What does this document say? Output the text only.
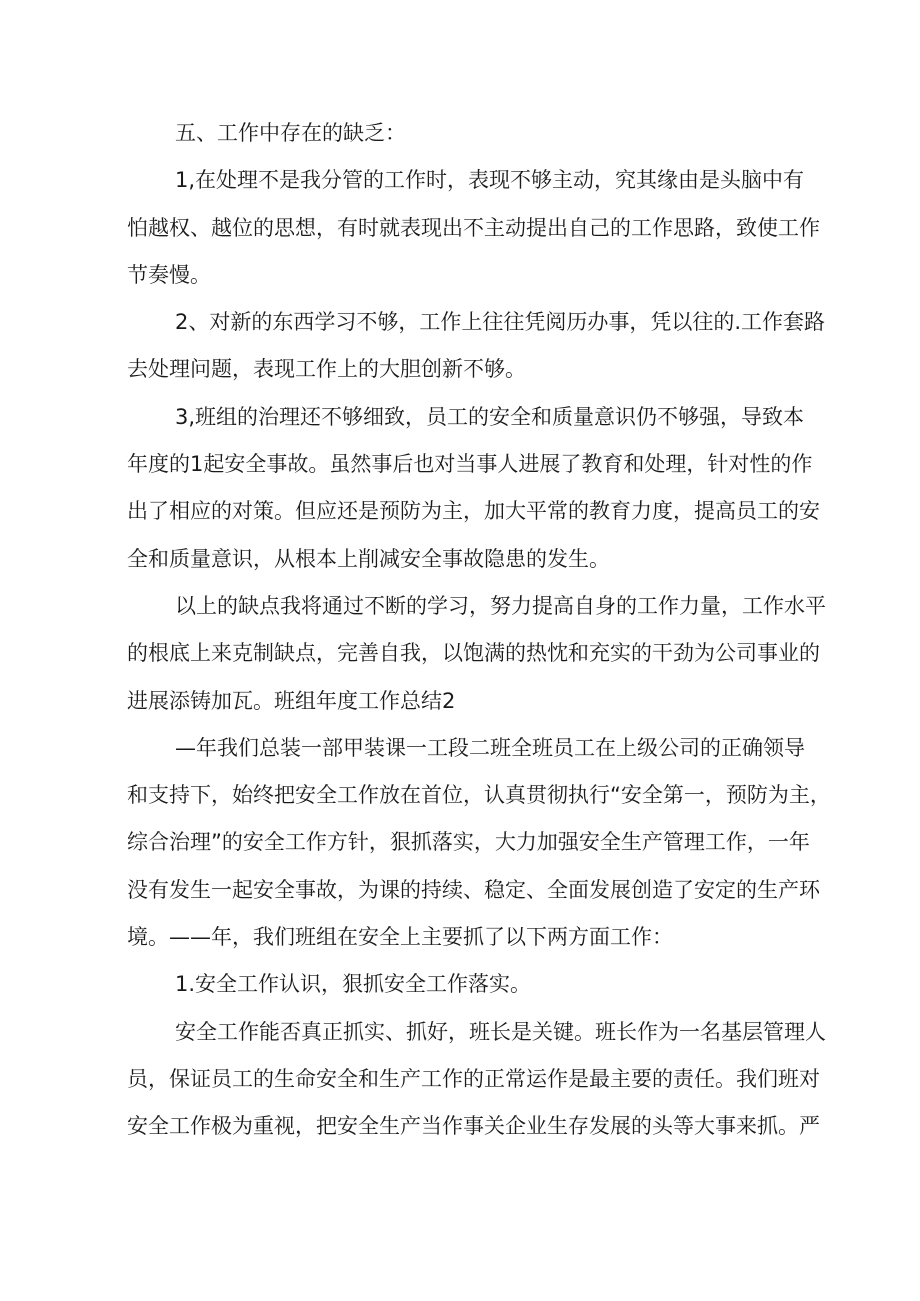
五、工作中存在的缺乏：
1,在处理不是我分管的工作时，表现不够主动，究其缘由是头脑中有
怕越权、越位的思想，有时就表现出不主动提出自己的工作思路，致使工作
节奏慢。
2、对新的东西学习不够，工作上往往凭阅历办事，凭以往的.工作套路
去处理问题，表现工作上的大胆创新不够。
3,班组的治理还不够细致，员工的安全和质量意识仍不够强，导致本
年度的1起安全事故。虽然事后也对当事人进展了教育和处理，针对性的作
出了相应的对策。但应还是预防为主，加大平常的教育力度，提高员工的安
全和质量意识，从根本上削减安全事故隐患的发生。
以上的缺点我将通过不断的学习，努力提高自身的工作力量，工作水平
的根底上来克制缺点，完善自我，以饱满的热忱和充实的干劲为公司事业的
进展添铸加瓦。班组年度工作总结2
—年我们总装一部甲装课一工段二班全班员工在上级公司的正确领导
和支持下，始终把安全工作放在首位，认真贯彻执行“安全第一，预防为主，
综合治理”的安全工作方针，狠抓落实，大力加强安全生产管理工作，一年
没有发生一起安全事故，为课的持续、稳定、全面发展创造了安定的生产环
境。——年，我们班组在安全上主要抓了以下两方面工作：
1.安全工作认识，狠抓安全工作落实。
安全工作能否真正抓实、抓好，班长是关键。班长作为一名基层管理人
员，保证员工的生命安全和生产工作的正常运作是最主要的责任。我们班对
安全工作极为重视，把安全生产当作事关企业生存发展的头等大事来抓。严
